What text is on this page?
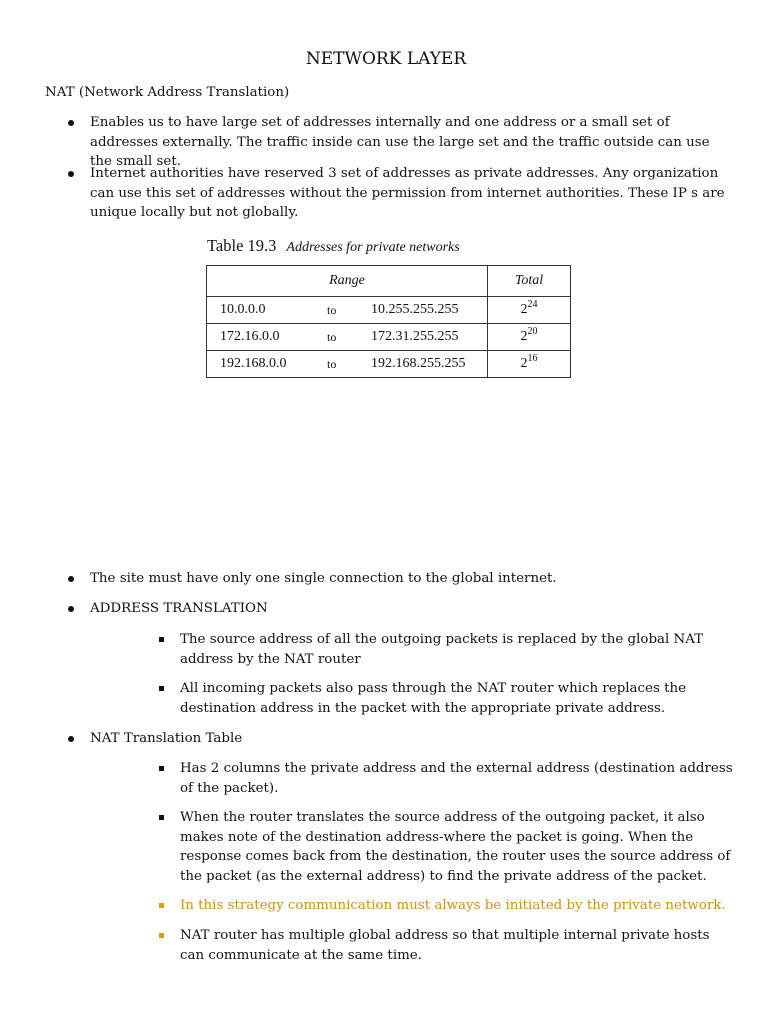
NETWORK LAYER
NAT (Network Address Translation)
Enables us to have large set of addresses internally and one address or a small set of addresses externally. The traffic inside can use the large set and the traffic outside can use the small set.
Internet authorities have reserved 3 set of addresses as private addresses. Any organization can use this set of addresses without the permission from internet authorities. These IP s are unique locally but not globally.
Table 19.3 Addresses for private networks
Range	Total

10.0.0.0 to 10.255.255.255	$2^{24}$

172.16.0.0 to 172.31.255.255	$2^{20}$

192.168.0.0 to 192.168.255.255	$2^{16}$
The site must have only one single connection to the global internet.
ADDRESS TRANSLATION
The source address of all the outgoing packets is replaced by the global NAT address by the NAT router
All incoming packets also pass through the NAT router which replaces the destination address in the packet with the appropriate private address.
NAT Translation Table
Has 2 columns the private address and the external address (destination address of the packet).
When the router translates the source address of the outgoing packet, it also makes note of the destination address-where the packet is going. When the response comes back from the destination, the router uses the source address of the packet (as the external address) to find the private address of the packet.
In this strategy communication must always be initiated by the private network.
NAT router has multiple global address so that multiple internal private hosts can communicate at the same time.
